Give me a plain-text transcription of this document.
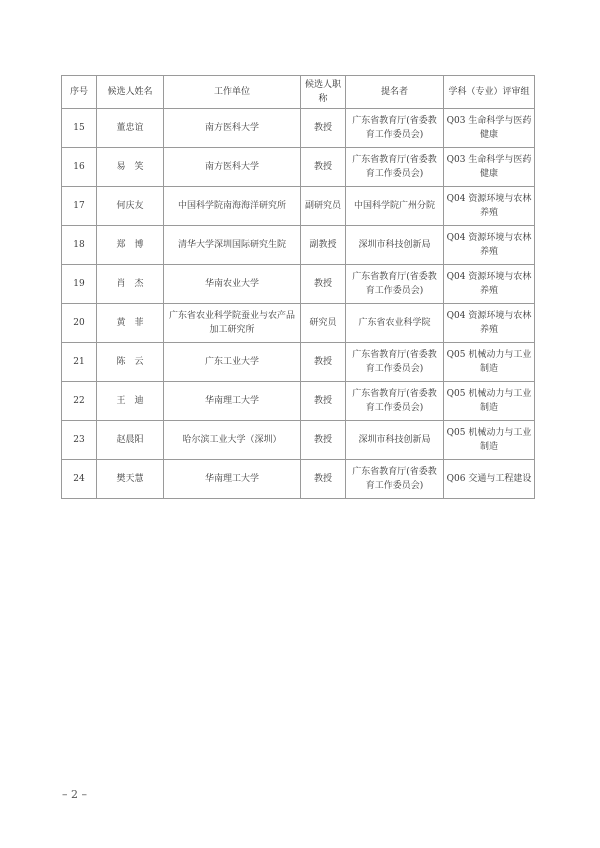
序号	候选人姓名	工作单位	候选人职称	提名者	学科（专业）评审组
15	董忠谊	南方医科大学	教授	广东省教育厅(省委教育工作委员会)	Q03 生命科学与医药健康
16	易　笑	南方医科大学	教授	广东省教育厅(省委教育工作委员会)	Q03 生命科学与医药健康
17	何庆友	中国科学院南海海洋研究所	副研究员	中国科学院广州分院	Q04 资源环境与农林养殖
18	郑　博	清华大学深圳国际研究生院	副教授	深圳市科技创新局	Q04 资源环境与农林养殖
19	肖　杰	华南农业大学	教授	广东省教育厅(省委教育工作委员会)	Q04 资源环境与农林养殖
20	黄　菲	广东省农业科学院蚕业与农产品加工研究所	研究员	广东省农业科学院	Q04 资源环境与农林养殖
21	陈　云	广东工业大学	教授	广东省教育厅(省委教育工作委员会)	Q05 机械动力与工业制造
22	王　迪	华南理工大学	教授	广东省教育厅(省委教育工作委员会)	Q05 机械动力与工业制造
23	赵晨阳	哈尔滨工业大学（深圳）	教授	深圳市科技创新局	Q05 机械动力与工业制造
24	樊天慧	华南理工大学	教授	广东省教育厅(省委教育工作委员会)	Q06 交通与工程建设
– 2 –
